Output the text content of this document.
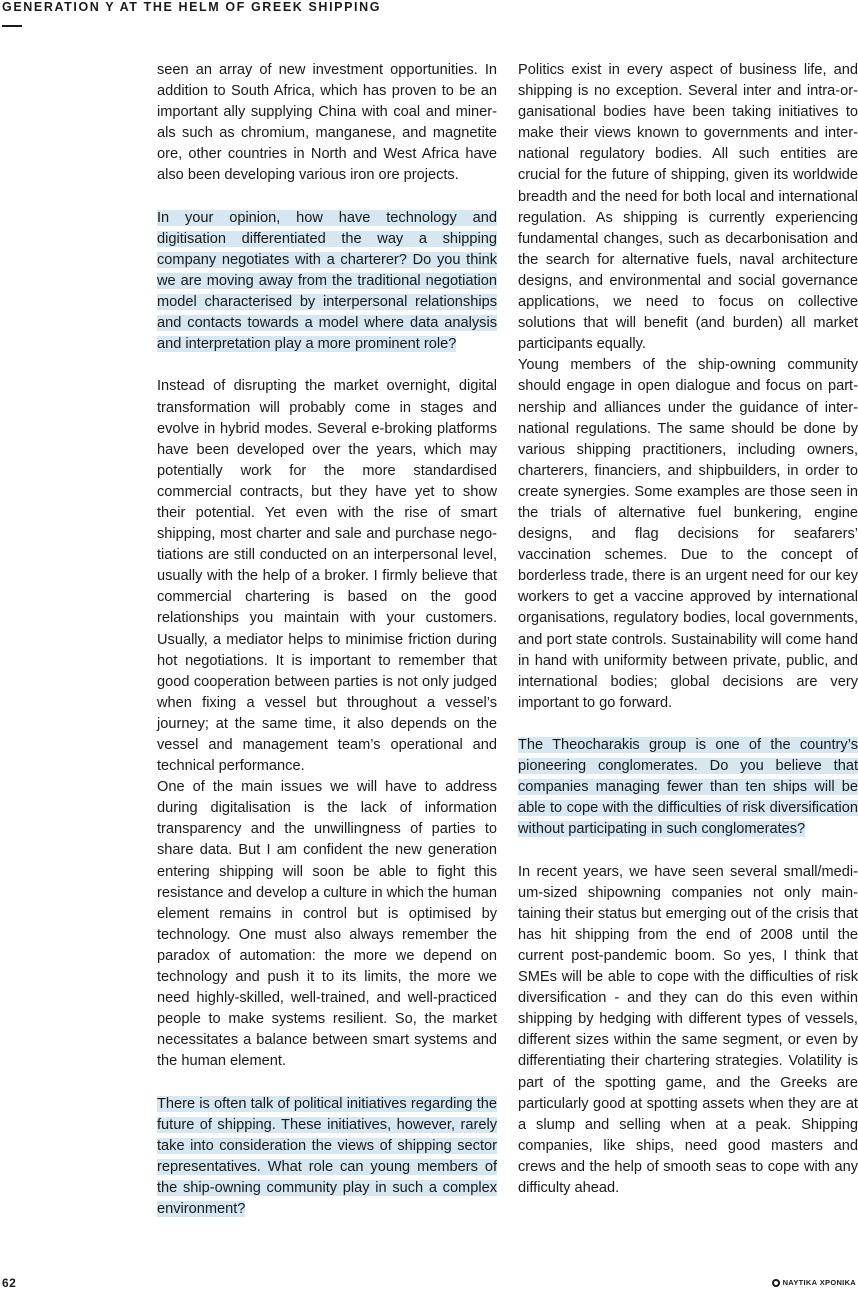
GENERATION Y AT THE HELM OF GREEK SHIPPING

seen an array of new investment opportunities. In addition to South Africa, which has proven to be an important ally supplying China with coal and minerals such as chromium, manganese, and magnetite ore, other countries in North and West Africa have also been developing various iron ore projects.

In your opinion, how have technology and digitisation differentiated the way a shipping company negotiates with a charterer? Do you think we are moving away from the traditional negotiation model characterised by interpersonal relationships and contacts towards a model where data analysis and interpretation play a more prominent role?

Instead of disrupting the market overnight, digital transformation will probably come in stages and evolve in hybrid modes. Several e-broking platforms have been developed over the years, which may potentially work for the more standardised commercial contracts, but they have yet to show their potential. Yet even with the rise of smart shipping, most charter and sale and purchase negotiations are still conducted on an interpersonal level, usually with the help of a broker. I firmly believe that commercial chartering is based on the good relationships you maintain with your customers. Usually, a mediator helps to minimise friction during hot negotiations. It is important to remember that good cooperation between parties is not only judged when fixing a vessel but throughout a vessel’s journey; at the same time, it also depends on the vessel and management team’s operational and technical performance.

One of the main issues we will have to address during digitalisation is the lack of information transparency and the unwillingness of parties to share data. But I am confident the new generation entering shipping will soon be able to fight this resistance and develop a culture in which the human element remains in control but is optimised by technology. One must also always remember the paradox of automation: the more we depend on technology and push it to its limits, the more we need highly-skilled, well-trained, and well-practiced people to make systems resilient. So, the market necessitates a balance between smart systems and the human element.

There is often talk of political initiatives regarding the future of shipping. These initiatives, however, rarely take into consideration the views of shipping sector representatives. What role can young members of the ship-owning community play in such a complex environment?

Politics exist in every aspect of business life, and shipping is no exception. Several inter and intra-organisational bodies have been taking initiatives to make their views known to governments and international regulatory bodies. All such entities are crucial for the future of shipping, given its worldwide breadth and the need for both local and international regulation. As shipping is currently experiencing fundamental changes, such as decarbonisation and the search for alternative fuels, naval architecture designs, and environmental and social governance applications, we need to focus on collective solutions that will benefit (and burden) all market participants equally.

Young members of the ship-owning community should engage in open dialogue and focus on partnership and alliances under the guidance of international regulations. The same should be done by various shipping practitioners, including owners, charterers, financiers, and shipbuilders, in order to create synergies. Some examples are those seen in the trials of alternative fuel bunkering, engine designs, and flag decisions for seafarers’ vaccination schemes. Due to the concept of borderless trade, there is an urgent need for our key workers to get a vaccine approved by international organisations, regulatory bodies, local governments, and port state controls. Sustainability will come hand in hand with uniformity between private, public, and international bodies; global decisions are very important to go forward.

The Theocharakis group is one of the country’s pioneering conglomerates. Do you believe that companies managing fewer than ten ships will be able to cope with the difficulties of risk diversification without participating in such conglomerates?

In recent years, we have seen several small/medium-sized shipowning companies not only maintaining their status but emerging out of the crisis that has hit shipping from the end of 2008 until the current post-pandemic boom. So yes, I think that SMEs will be able to cope with the difficulties of risk diversification - and they can do this even within shipping by hedging with different types of vessels, different sizes within the same segment, or even by differentiating their chartering strategies. Volatility is part of the spotting game, and the Greeks are particularly good at spotting assets when they are at a slump and selling when at a peak. Shipping companies, like ships, need good masters and crews and the help of smooth seas to cope with any difficulty ahead.

62	ΝΑΥΤΙΚΑ ΧΡΟΝΙΚΑ
